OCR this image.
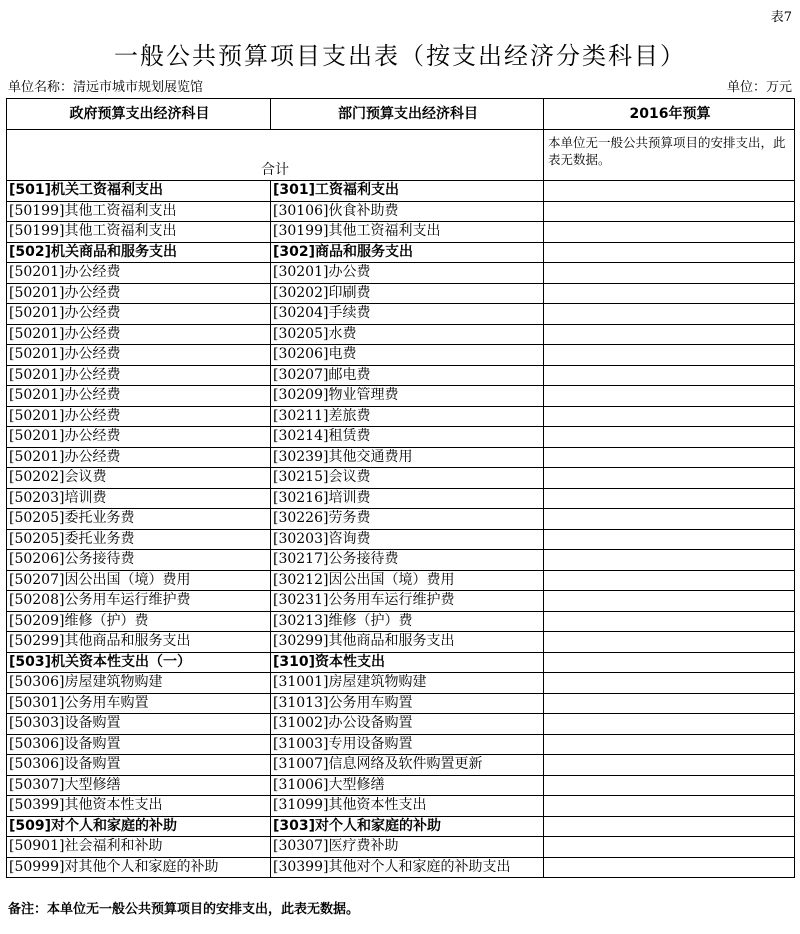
表7
一般公共预算项目支出表（按支出经济分类科目）
单位名称：清远市城市规划展览馆	单位：万元
政府预算支出经济科目	部门预算支出经济科目	2016年预算
合计		本单位无一般公共预算项目的安排支出，此表无数据。
[501]机关工资福利支出	[301]工资福利支出	
[50199]其他工资福利支出	[30106]伙食补助费	
[50199]其他工资福利支出	[30199]其他工资福利支出	
[502]机关商品和服务支出	[302]商品和服务支出	
[50201]办公经费	[30201]办公费	
[50201]办公经费	[30202]印刷费	
[50201]办公经费	[30204]手续费	
[50201]办公经费	[30205]水费	
[50201]办公经费	[30206]电费	
[50201]办公经费	[30207]邮电费	
[50201]办公经费	[30209]物业管理费	
[50201]办公经费	[30211]差旅费	
[50201]办公经费	[30214]租赁费	
[50201]办公经费	[30239]其他交通费用	
[50202]会议费	[30215]会议费	
[50203]培训费	[30216]培训费	
[50205]委托业务费	[30226]劳务费	
[50205]委托业务费	[30203]咨询费	
[50206]公务接待费	[30217]公务接待费	
[50207]因公出国（境）费用	[30212]因公出国（境）费用	
[50208]公务用车运行维护费	[30231]公务用车运行维护费	
[50209]维修（护）费	[30213]维修（护）费	
[50299]其他商品和服务支出	[30299]其他商品和服务支出	
[503]机关资本性支出（一）	[310]资本性支出	
[50306]房屋建筑物购建	[31001]房屋建筑物购建	
[50301]公务用车购置	[31013]公务用车购置	
[50303]设备购置	[31002]办公设备购置	
[50306]设备购置	[31003]专用设备购置	
[50306]设备购置	[31007]信息网络及软件购置更新	
[50307]大型修缮	[31006]大型修缮	
[50399]其他资本性支出	[31099]其他资本性支出	
[509]对个人和家庭的补助	[303]对个人和家庭的补助	
[50901]社会福利和补助	[30307]医疗费补助	
[50999]对其他个人和家庭的补助	[30399]其他对个人和家庭的补助支出	
备注：本单位无一般公共预算项目的安排支出，此表无数据。
